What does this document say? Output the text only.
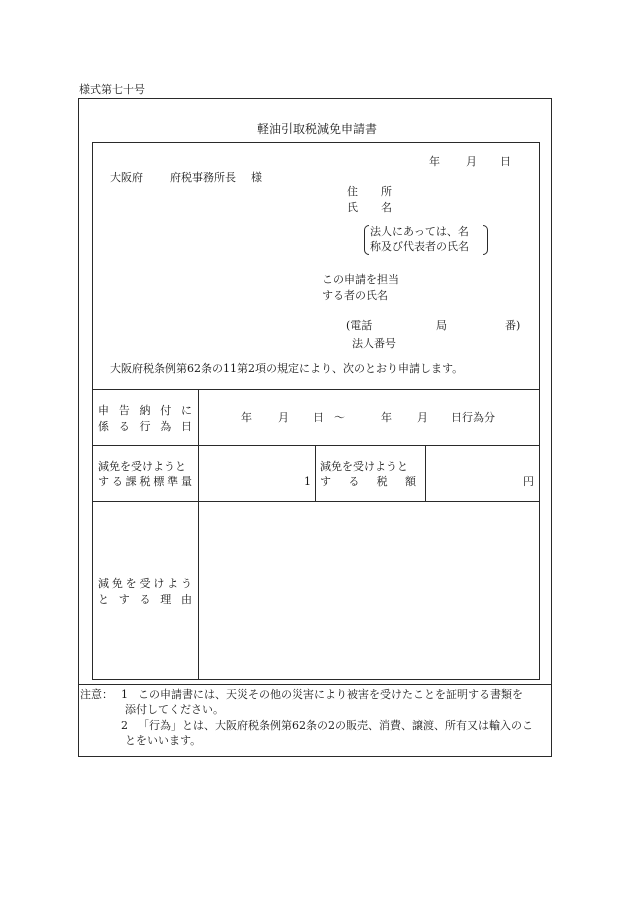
様式第七十号
軽油引取税減免申請書
年 月 日
大阪府 府税事務所長 様
住 所
氏 名
法人にあっては、名
称及び代表者の氏名
この申請を担当
する者の氏名
(電話	局	番)
法人番号
大阪府税条例第62条の11第2項の規定により、次のとおり申請します。
申 告 納 付 に
係 る 行 為 日
年 月 日 〜	年 月 日行為分
減免を受けようと
す る 課 税 標 準 量	1
減免を受けようと
す る 税 額	円
減 免 を 受 け よ う
と す る 理 由
注意： 1 この申請書には、天災その他の災害により被害を受けたことを証明する書類を
添付してください。
2 「行為」とは、大阪府税条例第62条の2の販売、消費、譲渡、所有又は輸入のこ
とをいいます。
